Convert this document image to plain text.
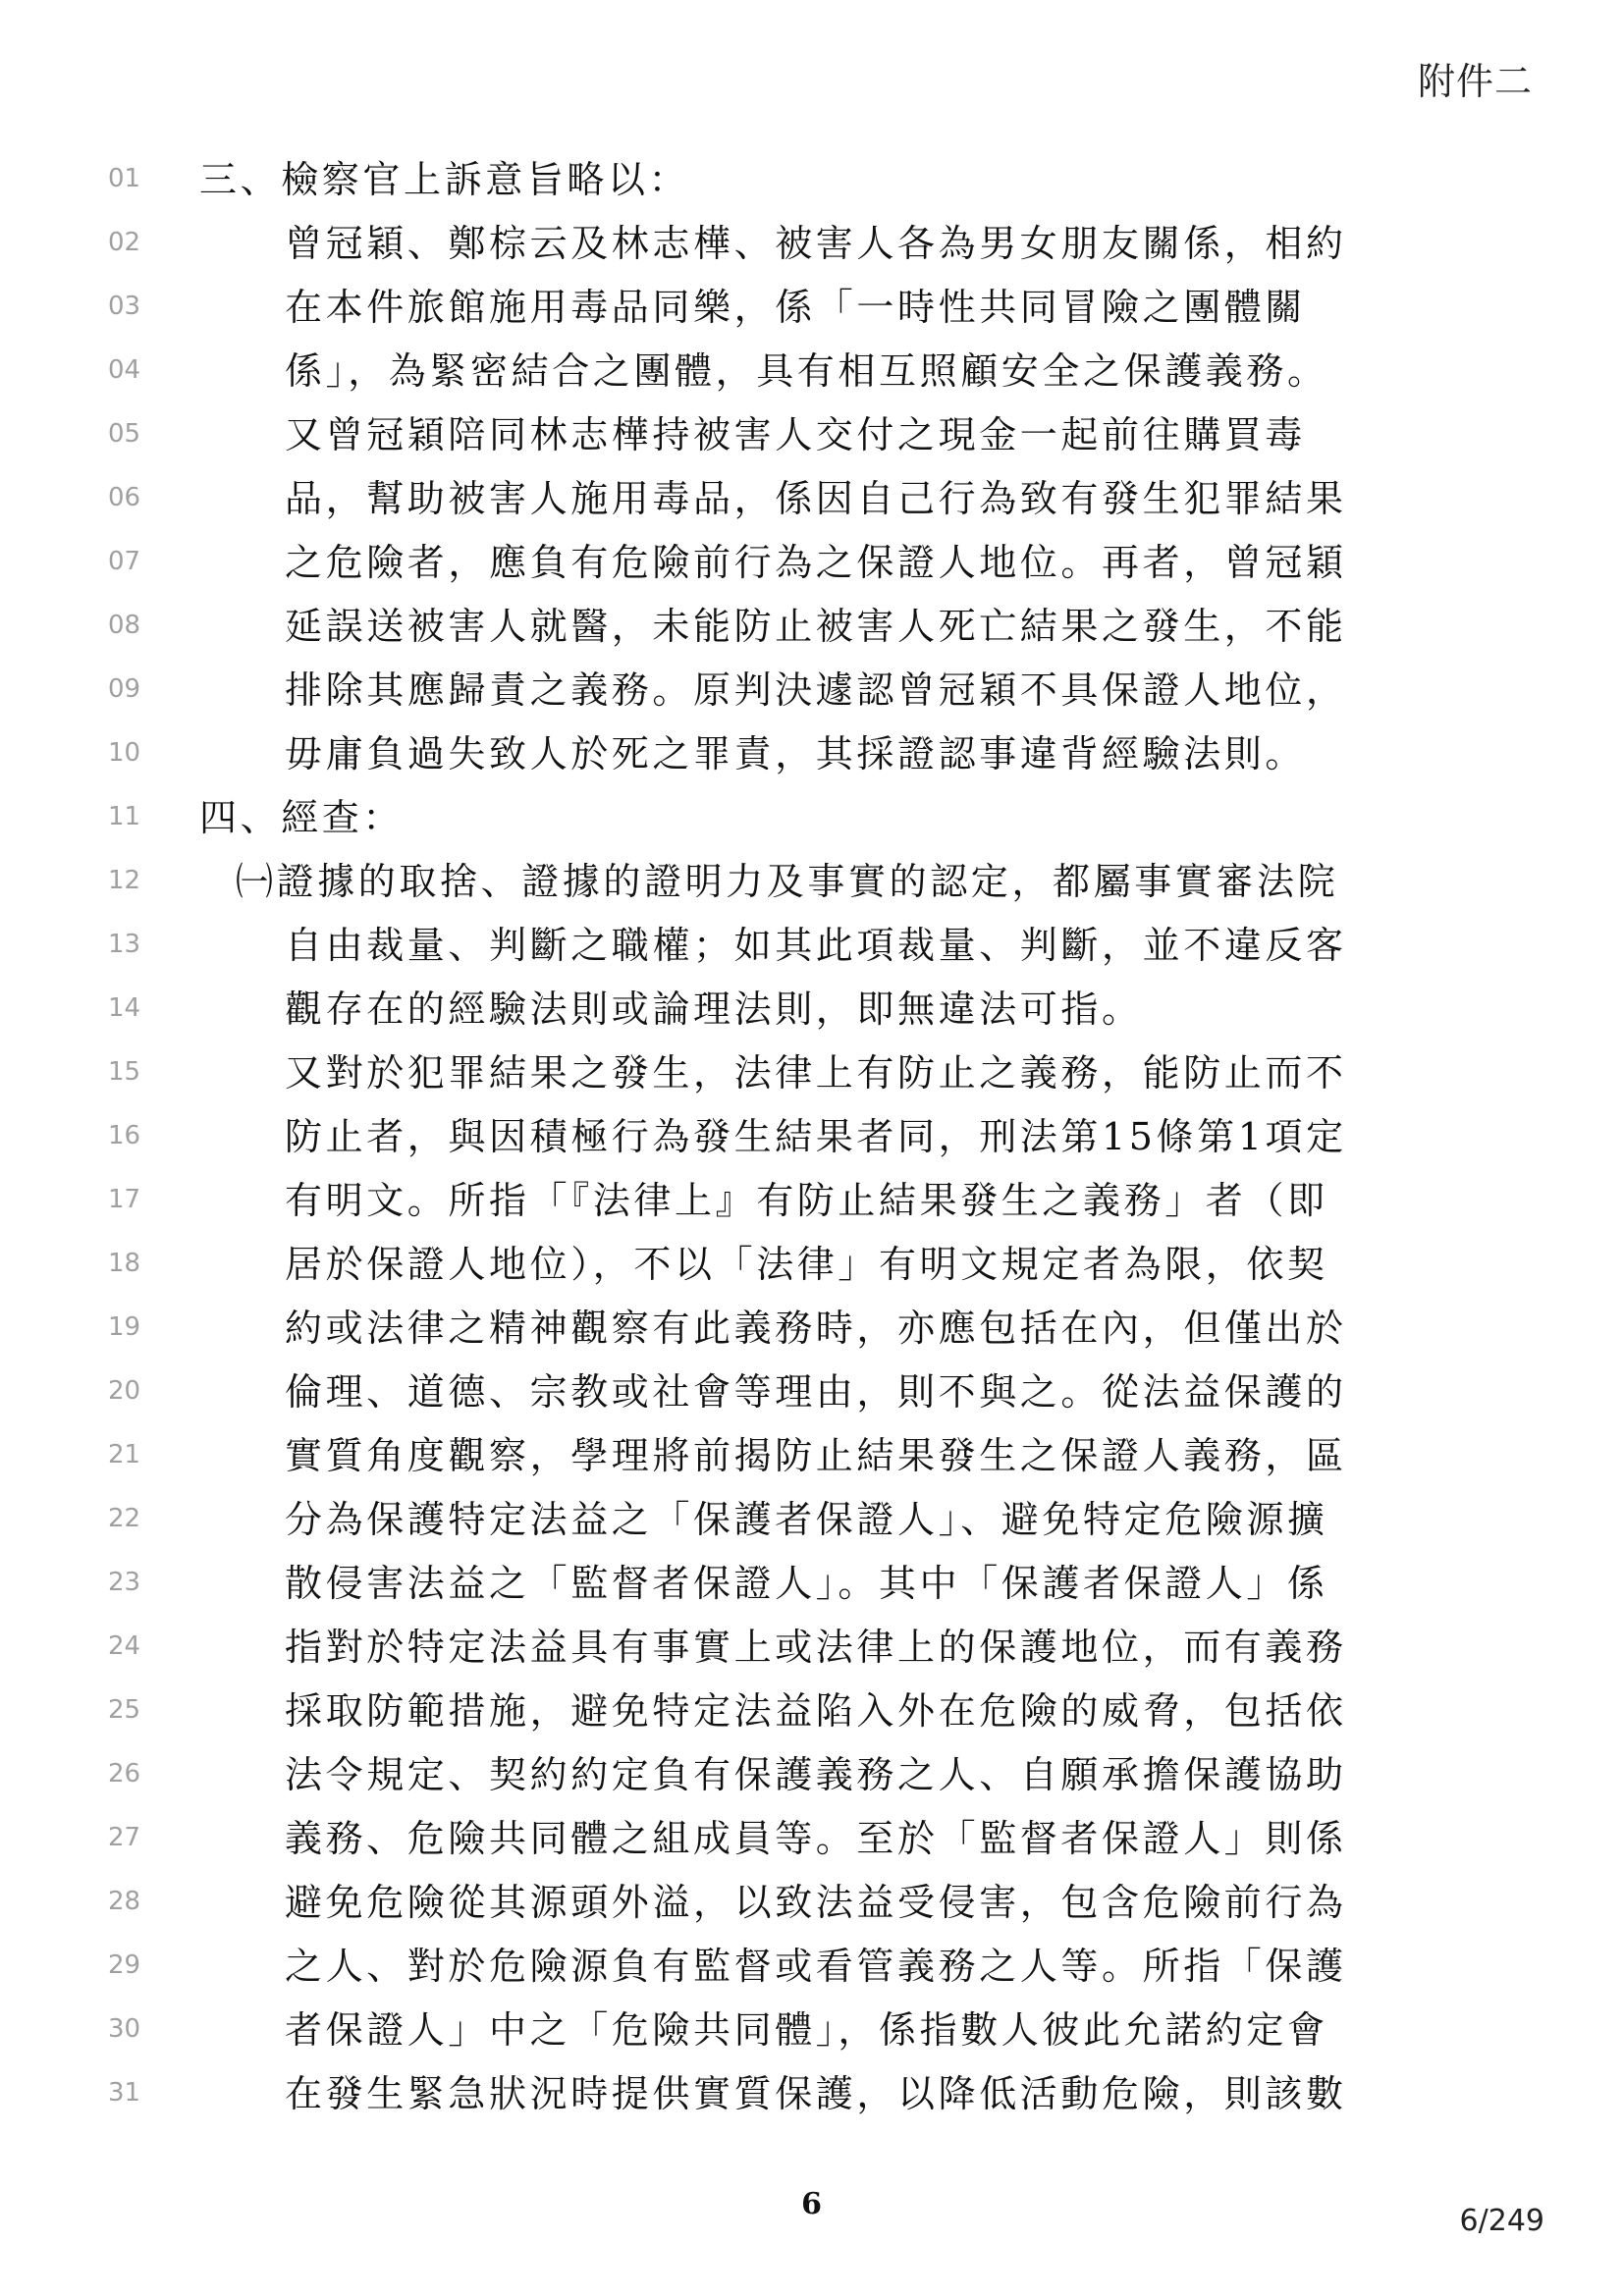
附件二
01	三、檢察官上訴意旨略以：
02	曾冠穎、鄭棕云及林志樺、被害人各為男女朋友關係，相約
03	在本件旅館施用毒品同樂，係「一時性共同冒險之團體關
04	係」，為緊密結合之團體，具有相互照顧安全之保護義務。
05	又曾冠穎陪同林志樺持被害人交付之現金一起前往購買毒
06	品，幫助被害人施用毒品，係因自己行為致有發生犯罪結果
07	之危險者，應負有危險前行為之保證人地位。再者，曾冠穎
08	延誤送被害人就醫，未能防止被害人死亡結果之發生，不能
09	排除其應歸責之義務。原判決遽認曾冠穎不具保證人地位，
10	毋庸負過失致人於死之罪責，其採證認事違背經驗法則。
11	四、經查：
12	㈠證據的取捨、證據的證明力及事實的認定，都屬事實審法院
13	自由裁量、判斷之職權；如其此項裁量、判斷，並不違反客
14	觀存在的經驗法則或論理法則，即無違法可指。
15	又對於犯罪結果之發生，法律上有防止之義務，能防止而不
16	防止者，與因積極行為發生結果者同，刑法第15條第1項定
17	有明文。所指「『法律上』有防止結果發生之義務」者（即
18	居於保證人地位），不以「法律」有明文規定者為限，依契
19	約或法律之精神觀察有此義務時，亦應包括在內，但僅出於
20	倫理、道德、宗教或社會等理由，則不與之。從法益保護的
21	實質角度觀察，學理將前揭防止結果發生之保證人義務，區
22	分為保護特定法益之「保護者保證人」、避免特定危險源擴
23	散侵害法益之「監督者保證人」。其中「保護者保證人」係
24	指對於特定法益具有事實上或法律上的保護地位，而有義務
25	採取防範措施，避免特定法益陷入外在危險的威脅，包括依
26	法令規定、契約約定負有保護義務之人、自願承擔保護協助
27	義務、危險共同體之組成員等。至於「監督者保證人」則係
28	避免危險從其源頭外溢，以致法益受侵害，包含危險前行為
29	之人、對於危險源負有監督或看管義務之人等。所指「保護
30	者保證人」中之「危險共同體」，係指數人彼此允諾約定會
31	在發生緊急狀況時提供實質保護，以降低活動危險，則該數
6	6/249
